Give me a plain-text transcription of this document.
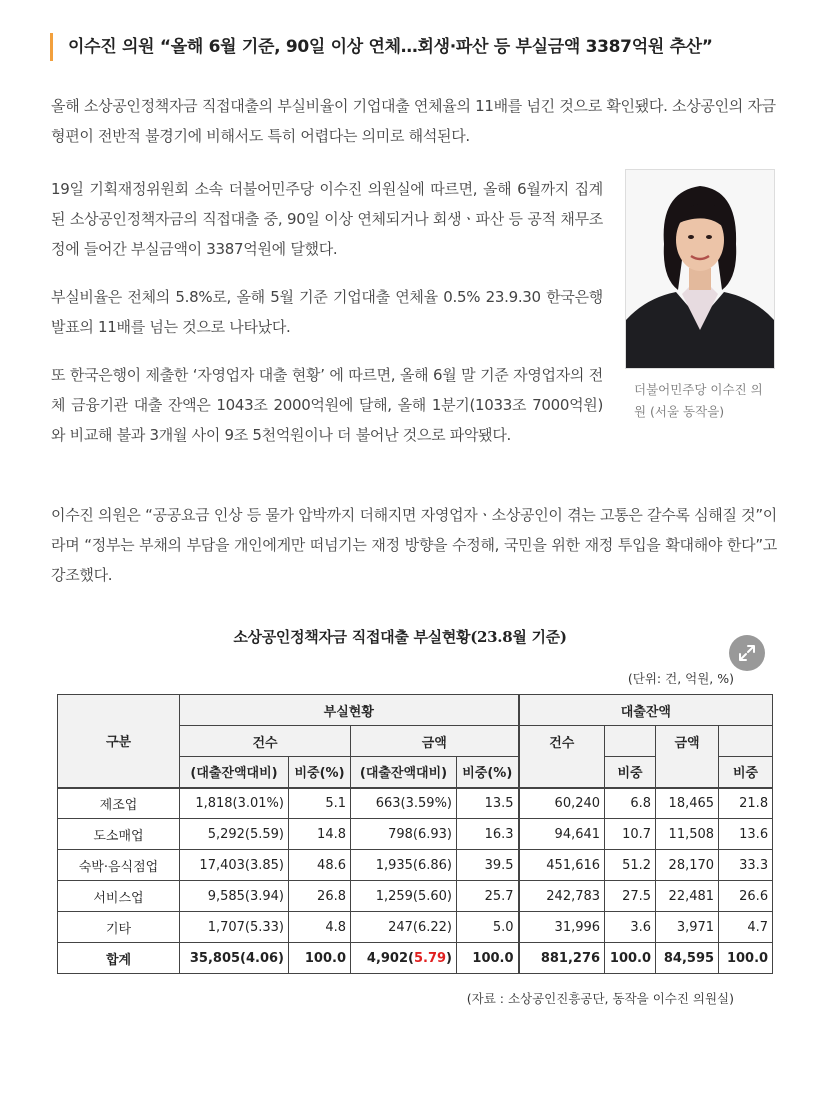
이수진 의원 “올해 6월 기준, 90일 이상 연체…회생·파산 등 부실금액 3387억원 추산”

올해 소상공인정책자금 직접대출의 부실비율이 기업대출 연체율의 11배를 넘긴 것으로 확인됐다. 소상공인의 자금 형편이 전반적 불경기에 비해서도 특히 어렵다는 의미로 해석된다.

19일 기획재정위원회 소속 더불어민주당 이수진 의원실에 따르면, 올해 6월까지 집계된 소상공인정책자금의 직접대출 중, 90일 이상 연체되거나 회생ㆍ파산 등 공적 채무조정에 들어간 부실금액이 3387억원에 달했다.

부실비율은 전체의 5.8%로, 올해 5월 기준 기업대출 연체율 0.5% 23.9.30 한국은행 발표의 11배를 넘는 것으로 나타났다.

또 한국은행이 제출한 ‘자영업자 대출 현황’ 에 따르면, 올해 6월 말 기준 자영업자의 전체 금융기관 대출 잔액은 1043조 2000억원에 달해, 올해 1분기(1033조 7000억원)와 비교해 불과 3개월 사이 9조 5천억원이나 더 불어난 것으로 파악됐다.

더불어민주당 이수진 의원 (서울 동작을)

이수진 의원은 “공공요금 인상 등 물가 압박까지 더해지면 자영업자ㆍ소상공인이 겪는 고통은 갈수록 심해질 것”이라며 “정부는 부채의 부담을 개인에게만 떠넘기는 재정 방향을 수정해, 국민을 위한 재정 투입을 확대해야 한다”고 강조했다.

소상공인정책자금 직접대출 부실현황(23.8월 기준)
(단위: 건, 억원, %)
구분	부실현황				대출잔액			
	건수		금액		건수		금액	
	(대출잔액대비)	비중(%)	(대출잔액대비)	비중(%)		비중		비중
제조업	1,818(3.01%)	5.1	663(3.59%)	13.5	60,240	6.8	18,465	21.8
도소매업	5,292(5.59)	14.8	798(6.93)	16.3	94,641	10.7	11,508	13.6
숙박·음식점업	17,403(3.85)	48.6	1,935(6.86)	39.5	451,616	51.2	28,170	33.3
서비스업	9,585(3.94)	26.8	1,259(5.60)	25.7	242,783	27.5	22,481	26.6
기타	1,707(5.33)	4.8	247(6.22)	5.0	31,996	3.6	3,971	4.7
합계	35,805(4.06)	100.0	4,902(5.79)	100.0	881,276	100.0	84,595	100.0
(자료 : 소상공인진흥공단, 동작을 이수진 의원실)
